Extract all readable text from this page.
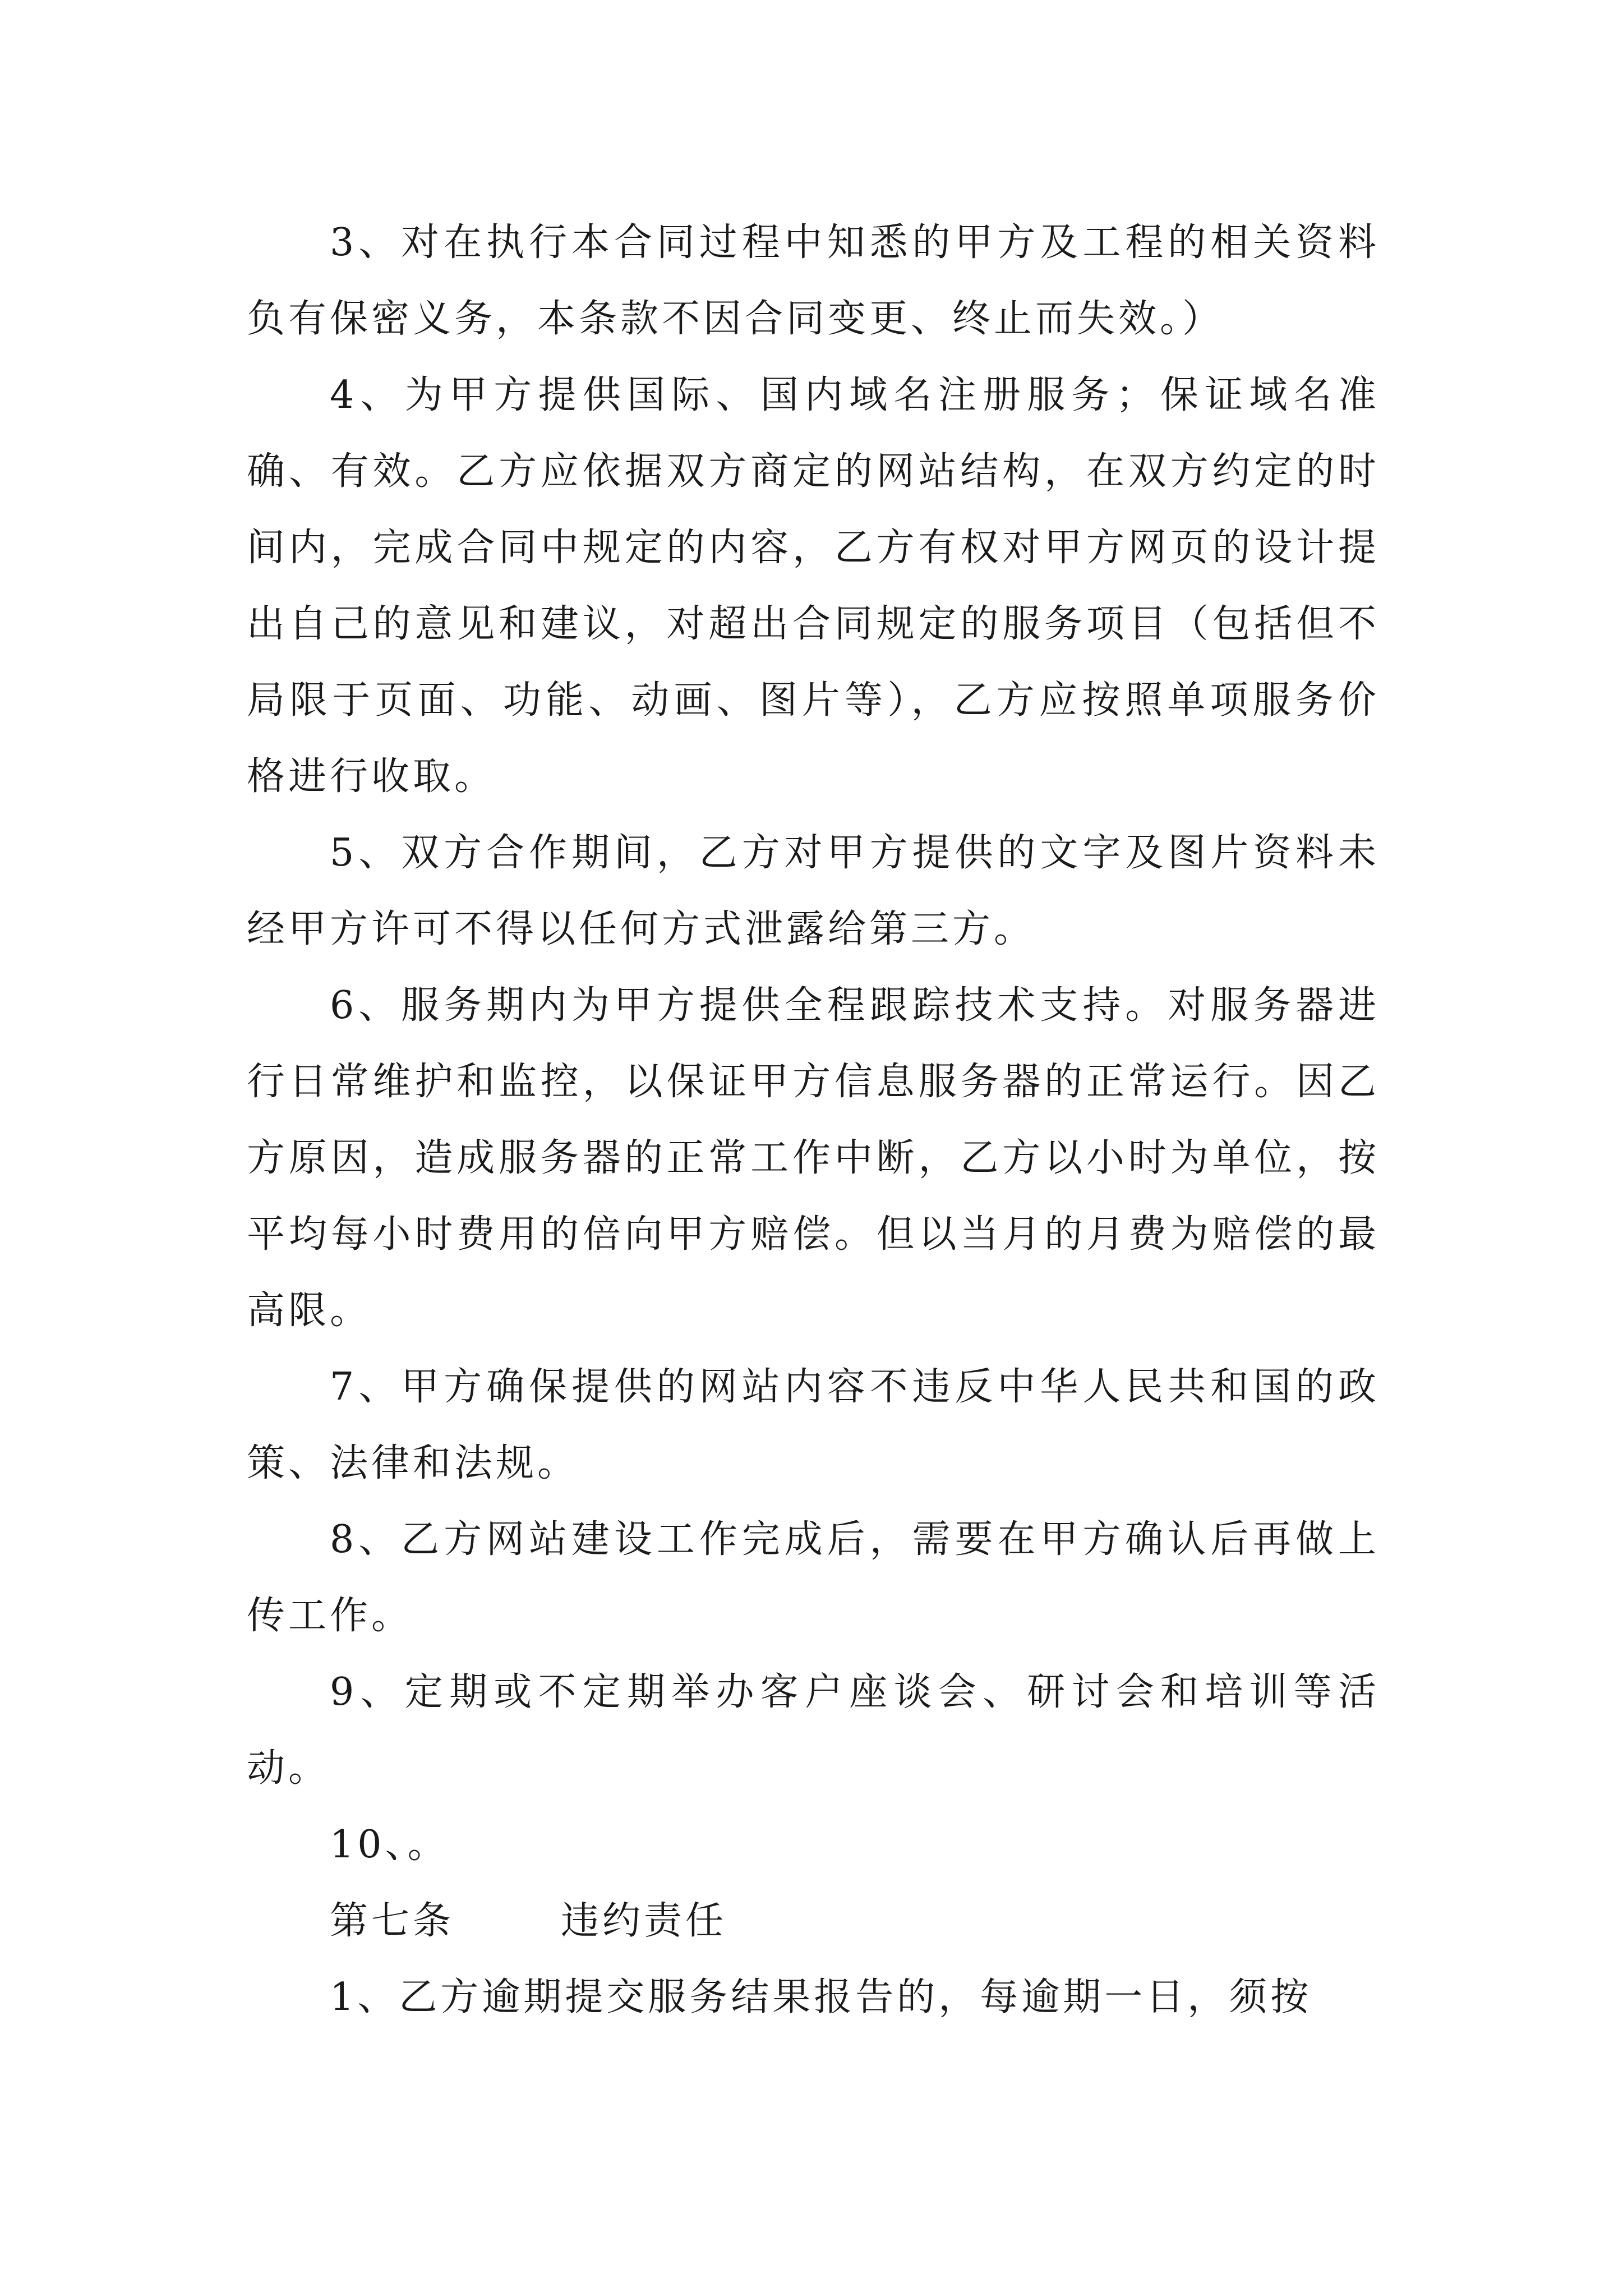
3、对在执行本合同过程中知悉的甲方及工程的相关资料负有保密义务，本条款不因合同变更、终止而失效。）

4、为甲方提供国际、国内域名注册服务；保证域名准确、有效。乙方应依据双方商定的网站结构，在双方约定的时间内，完成合同中规定的内容，乙方有权对甲方网页的设计提出自己的意见和建议，对超出合同规定的服务项目（包括但不局限于页面、功能、动画、图片等），乙方应按照单项服务价格进行收取。

5、双方合作期间，乙方对甲方提供的文字及图片资料未经甲方许可不得以任何方式泄露给第三方。

6、服务期内为甲方提供全程跟踪技术支持。对服务器进行日常维护和监控，以保证甲方信息服务器的正常运行。因乙方原因，造成服务器的正常工作中断，乙方以小时为单位，按平均每小时费用的倍向甲方赔偿。但以当月的月费为赔偿的最高限。

7、甲方确保提供的网站内容不违反中华人民共和国的政策、法律和法规。

8、乙方网站建设工作完成后，需要在甲方确认后再做上传工作。

9、定期或不定期举办客户座谈会、研讨会和培训等活动。

10、。

第七条	违约责任

1、乙方逾期提交服务结果报告的，每逾期一日，须按
